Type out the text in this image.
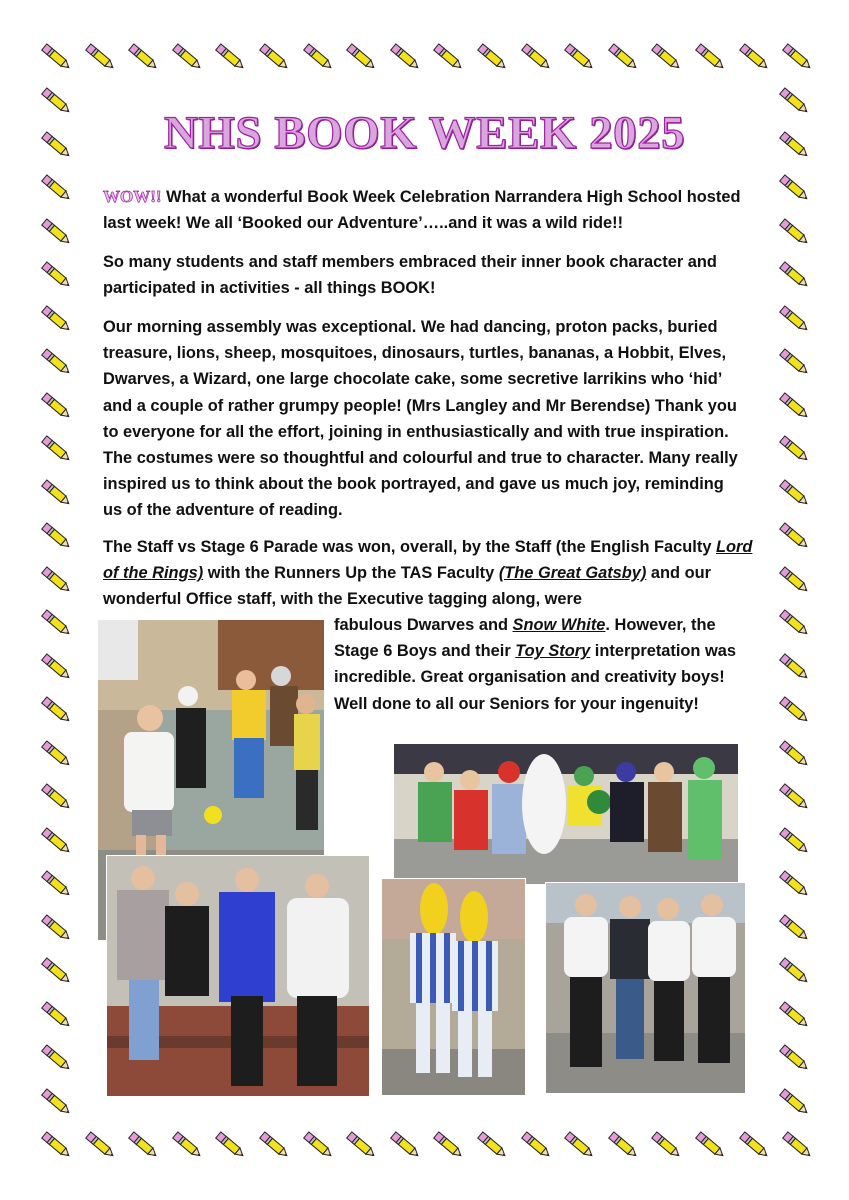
NHS BOOK WEEK 2025

WOW!! What a wonderful Book Week Celebration Narrandera High School hosted last week! We all ‘Booked our Adventure’…..and it was a wild ride!!

So many students and staff members embraced their inner book character and participated in activities - all things BOOK!

Our morning assembly was exceptional. We had dancing, proton packs, buried treasure, lions, sheep, mosquitoes, dinosaurs, turtles, bananas, a Hobbit, Elves, Dwarves, a Wizard, one large chocolate cake, some secretive larrikins who ‘hid’ and a couple of rather grumpy people! (Mrs Langley and Mr Berendse) Thank you to everyone for all the effort, joining in enthusiastically and with true inspiration. The costumes were so thoughtful and colourful and true to character. Many really inspired us to think about the book portrayed, and gave us much joy, reminding us of the adventure of reading.

The Staff vs Stage 6 Parade was won, overall, by the Staff (the English Faculty Lord of the Rings) with the Runners Up the TAS Faculty (The Great Gatsby) and our wonderful Office staff, with the Executive tagging along, were

fabulous Dwarves and Snow White. However, the Stage 6 Boys and their Toy Story interpretation was incredible. Great organisation and creativity boys! Well done to all our Seniors for your ingenuity!
